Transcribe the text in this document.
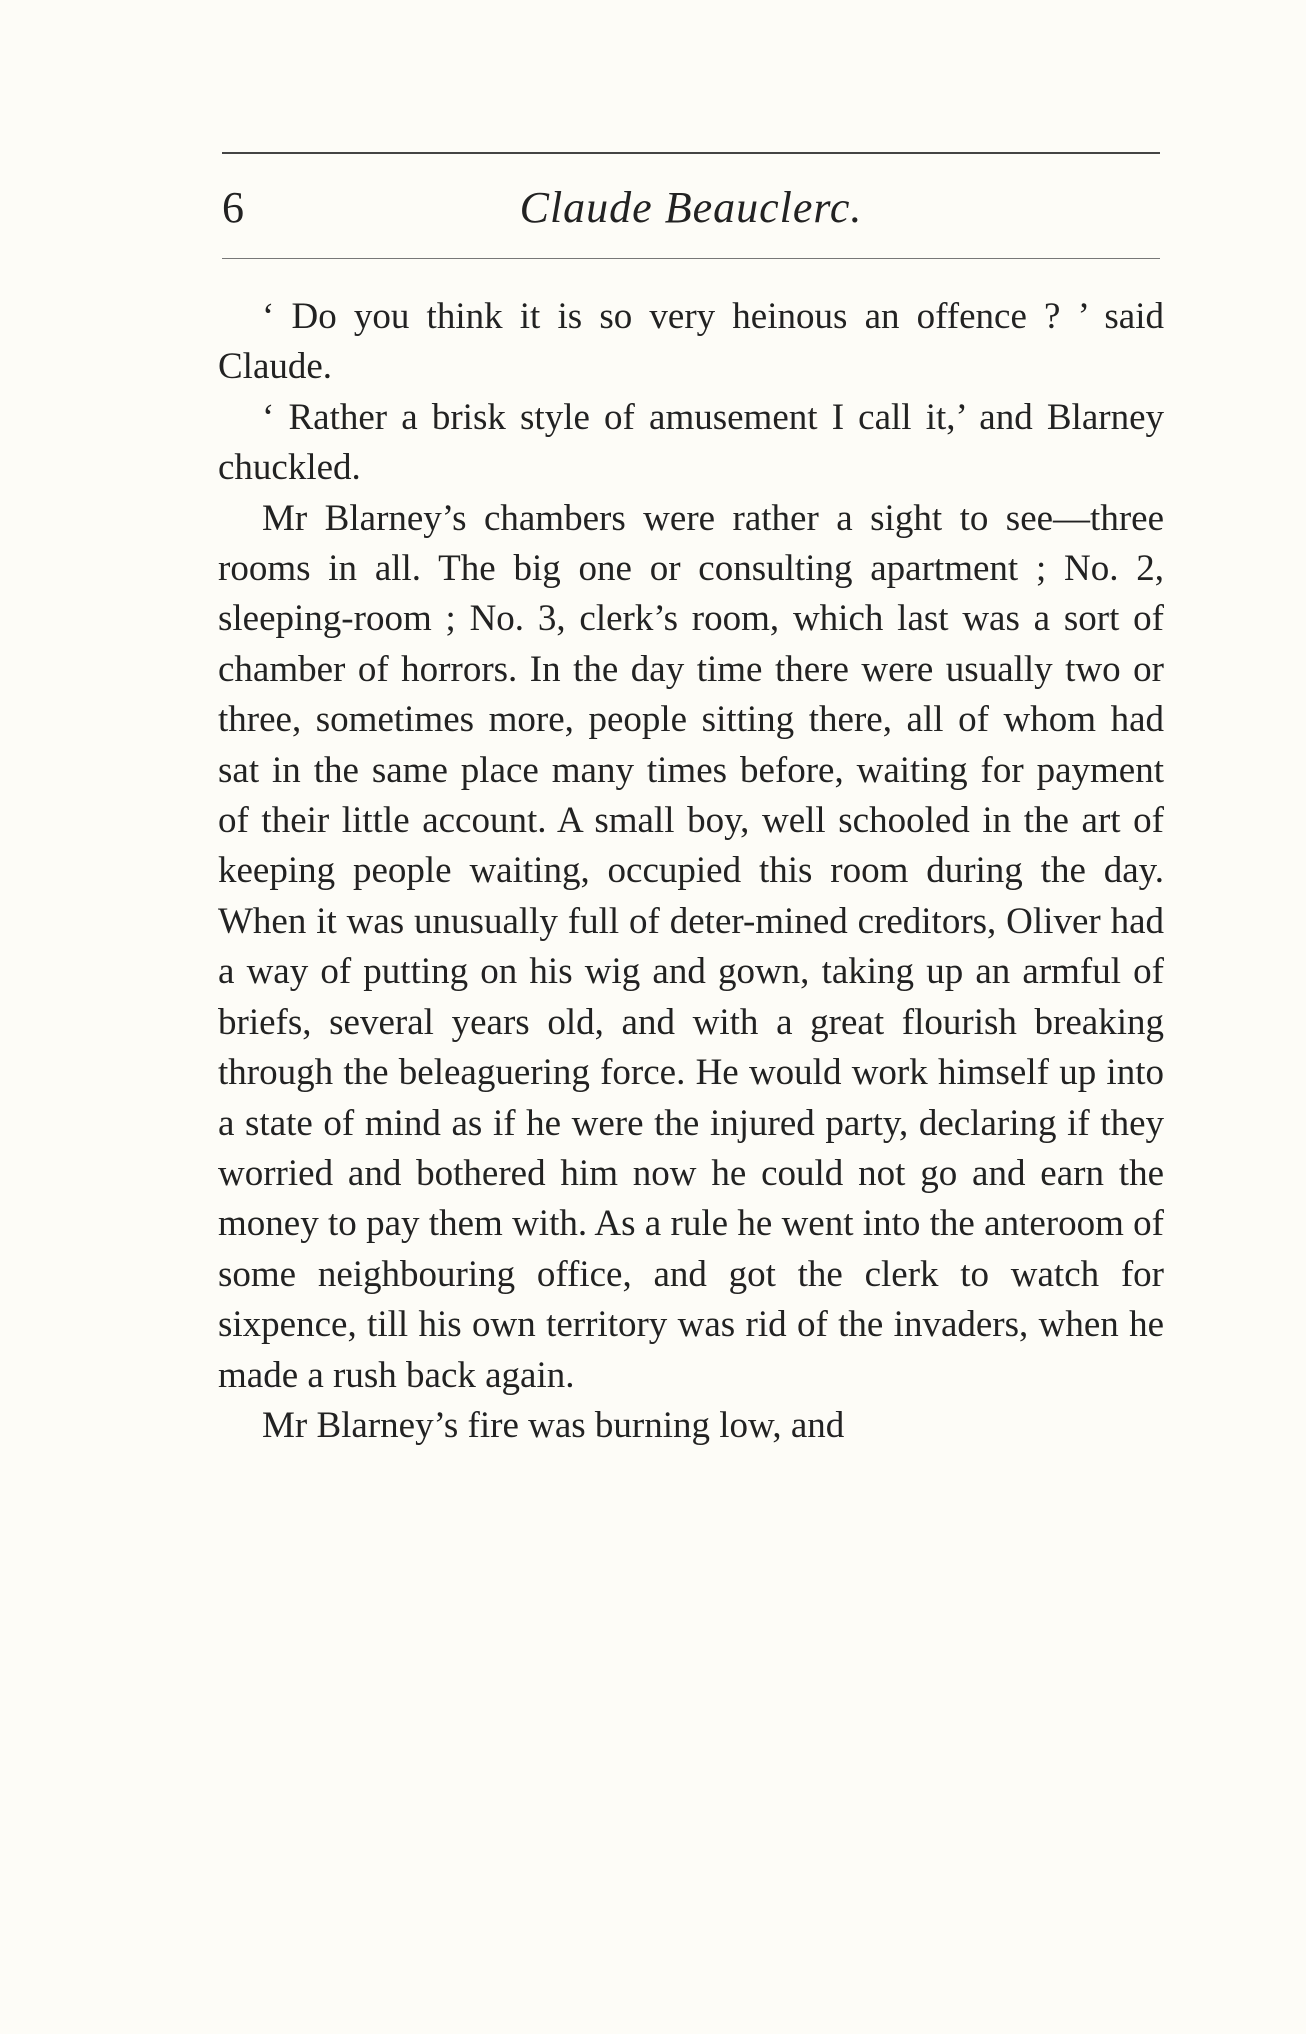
6	Claude Beauclerc.

‘ Do you think it is so very heinous an offence ? ’ said Claude.

‘ Rather a brisk style of amusement I call it,’ and Blarney chuckled.

Mr Blarney’s chambers were rather a sight to see—three rooms in all. The big one or consulting apartment ; No. 2, sleeping-room ; No. 3, clerk’s room, which last was a sort of chamber of horrors. In the day time there were usually two or three, sometimes more, people sitting there, all of whom had sat in the same place many times before, waiting for payment of their little account. A small boy, well schooled in the art of keeping people waiting, occupied this room during the day. When it was unusually full of deter-mined creditors, Oliver had a way of putting on his wig and gown, taking up an armful of briefs, several years old, and with a great flourish breaking through the beleaguering force. He would work himself up into a state of mind as if he were the injured party, declaring if they worried and bothered him now he could not go and earn the money to pay them with. As a rule he went into the anteroom of some neighbouring office, and got the clerk to watch for sixpence, till his own territory was rid of the invaders, when he made a rush back again.

Mr Blarney’s fire was burning low, and
